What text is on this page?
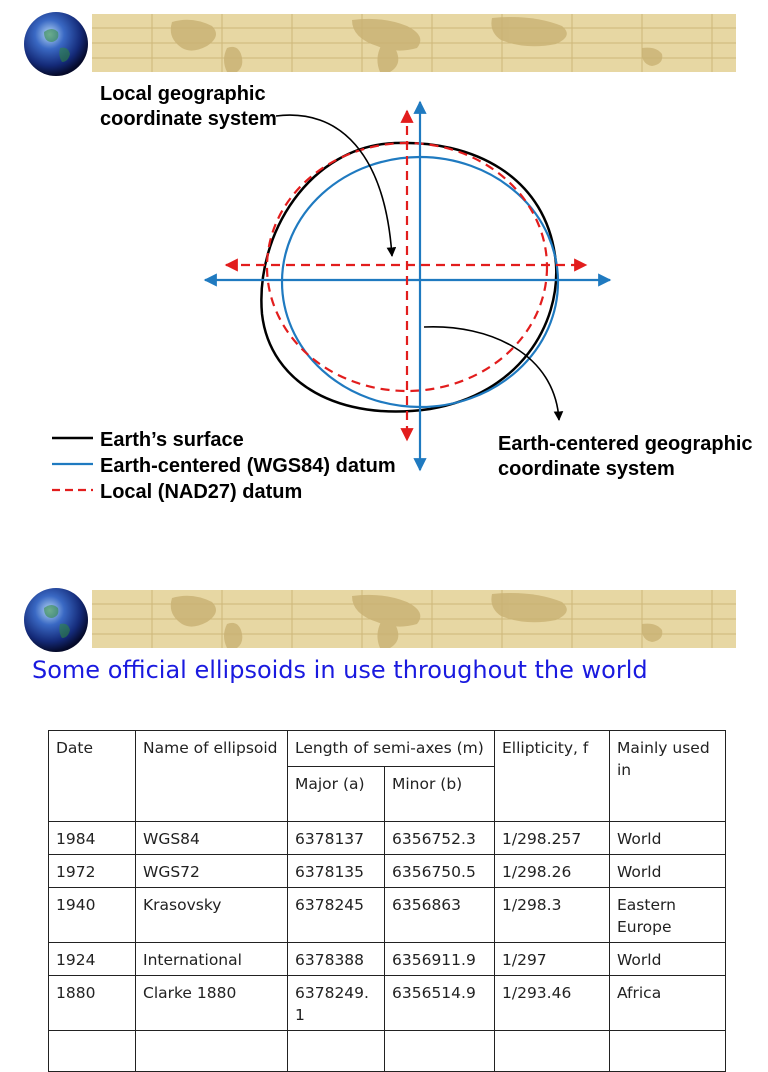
Local geographic
coordinate system
Earth-centered geographic
coordinate system
Earth’s surface
Earth-centered (WGS84) datum
Local (NAD27) datum
Some official ellipsoids in use throughout the world
Date	Name of ellipsoid	Length of semi-axes (m)		Ellipticity, f	Mainly used in
		Major (a)	Minor (b)		
1984	WGS84	6378137	6356752.3	1/298.257	World
1972	WGS72	6378135	6356750.5	1/298.26	World
1940	Krasovsky	6378245	6356863	1/298.3	Eastern Europe
1924	International	6378388	6356911.9	1/297	World
1880	Clarke 1880	6378249. 1	6356514.9	1/293.46	Africa
